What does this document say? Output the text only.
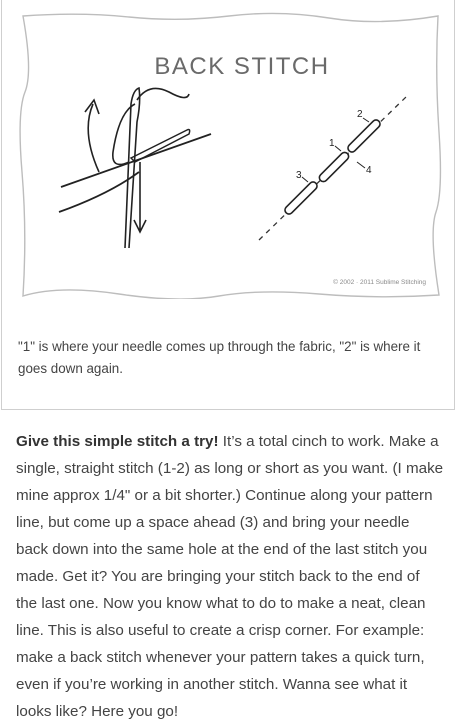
BACK STITCH
2
1
4
3
© 2002 · 2011 Sublime Stitching

"1" is where your needle comes up through the fabric, "2" is where it goes down again.

Give this simple stitch a try! It’s a total cinch to work. Make a single, straight stitch (1-2) as long or short as you want. (I make mine approx 1/4" or a bit shorter.) Continue along your pattern line, but come up a space ahead (3) and bring your needle back down into the same hole at the end of the last stitch you made. Get it? You are bringing your stitch back to the end of the last one. Now you know what to do to make a neat, clean line. This is also useful to create a crisp corner. For example: make a back stitch whenever your pattern takes a quick turn, even if you’re working in another stitch. Wanna see what it looks like? Here you go!
